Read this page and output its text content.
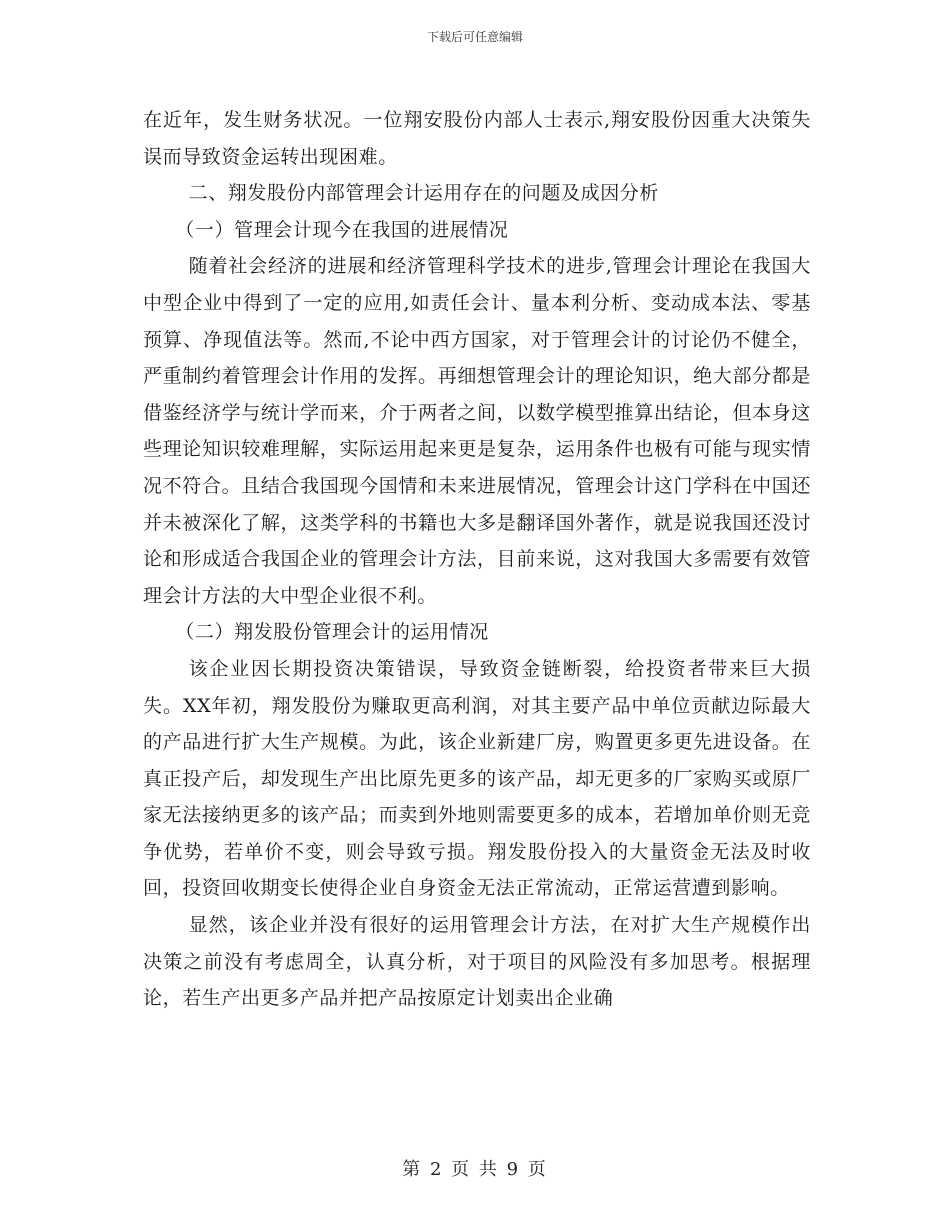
下载后可任意编辑

在近年，发生财务状况。一位翔安股份内部人士表示,翔安股份因重大决策失误而导致资金运转出现困难。

二、翔发股份内部管理会计运用存在的问题及成因分析

（一）管理会计现今在我国的进展情况

随着社会经济的进展和经济管理科学技术的进步,管理会计理论在我国大中型企业中得到了一定的应用,如责任会计、量本利分析、变动成本法、零基预算、净现值法等。然而,不论中西方国家，对于管理会计的讨论仍不健全，严重制约着管理会计作用的发挥。再细想管理会计的理论知识，绝大部分都是借鉴经济学与统计学而来，介于两者之间，以数学模型推算出结论，但本身这些理论知识较难理解，实际运用起来更是复杂，运用条件也极有可能与现实情况不符合。且结合我国现今国情和未来进展情况，管理会计这门学科在中国还并未被深化了解，这类学科的书籍也大多是翻译国外著作，就是说我国还没讨论和形成适合我国企业的管理会计方法，目前来说，这对我国大多需要有效管理会计方法的大中型企业很不利。

（二）翔发股份管理会计的运用情况

该企业因长期投资决策错误，导致资金链断裂，给投资者带来巨大损失。XX年初，翔发股份为赚取更高利润，对其主要产品中单位贡献边际最大的产品进行扩大生产规模。为此，该企业新建厂房，购置更多更先进设备。在真正投产后，却发现生产出比原先更多的该产品，却无更多的厂家购买或原厂家无法接纳更多的该产品；而卖到外地则需要更多的成本，若增加单价则无竞争优势，若单价不变，则会导致亏损。翔发股份投入的大量资金无法及时收回，投资回收期变长使得企业自身资金无法正常流动，正常运营遭到影响。

显然，该企业并没有很好的运用管理会计方法，在对扩大生产规模作出决策之前没有考虑周全，认真分析，对于项目的风险没有多加思考。根据理论，若生产出更多产品并把产品按原定计划卖出企业确

第 2 页 共 9 页
